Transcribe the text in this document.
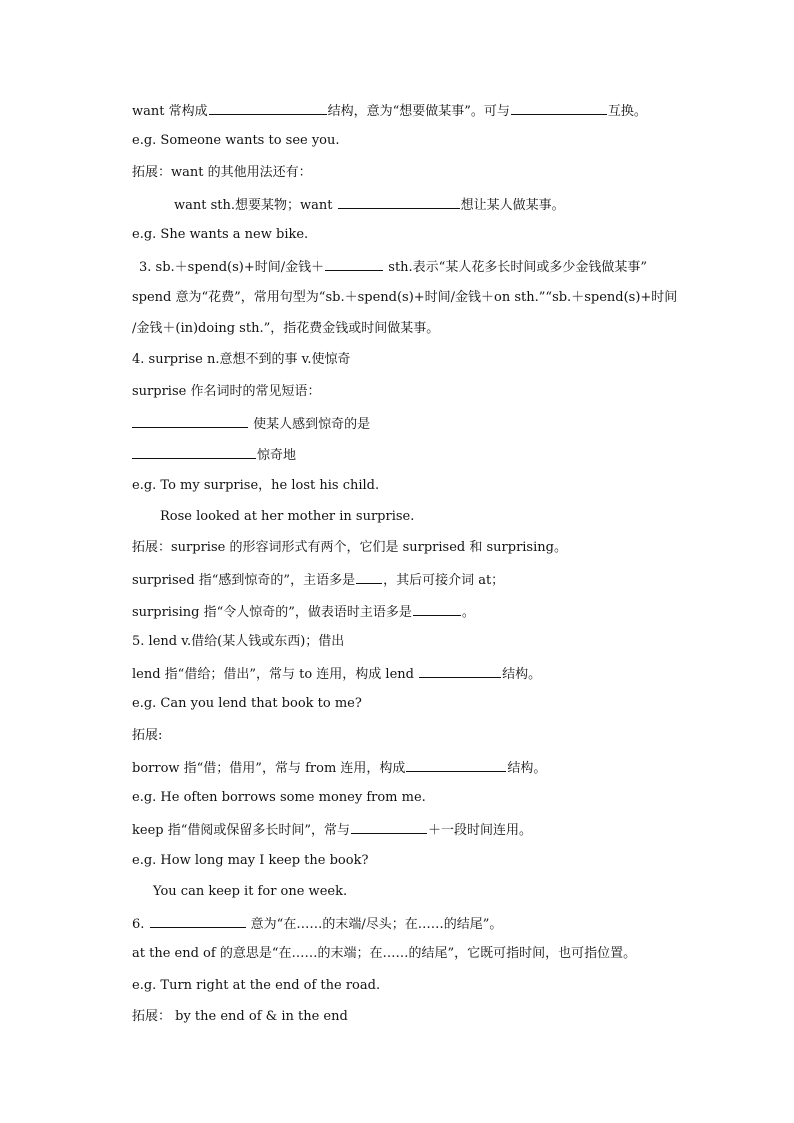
want 常构成	结构，意为“想要做某事”。可与	互换。
e.g. Someone wants to see you.
拓展：want 的其他用法还有：
want sth.想要某物；want	想让某人做某事。
e.g. She wants a new bike.
3. sb.＋spend(s)+时间/金钱＋	sth.表示“某人花多长时间或多少金钱做某事”
spend 意为“花费”，常用句型为“sb.＋spend(s)+时间/金钱＋on sth.”“sb.＋spend(s)+时间
/金钱＋(in)doing sth.”，指花费金钱或时间做某事。
4. surprise n.意想不到的事 v.使惊奇
surprise 作名词时的常见短语：
使某人感到惊奇的是
惊奇地
e.g. To my surprise，he lost his child.
Rose looked at her mother in surprise.
拓展：surprise 的形容词形式有两个，它们是 surprised 和 surprising。
surprised 指“感到惊奇的”，主语多是 ，其后可接介词 at；
surprising 指“令人惊奇的”，做表语时主语多是	。
5. lend v.借给(某人钱或东西)；借出
lend 指“借给；借出”，常与 to 连用，构成 lend	结构。
e.g. Can you lend that book to me?
拓展:
borrow 指“借；借用”，常与 from 连用，构成	结构。
e.g. He often borrows some money from me.
keep 指“借阅或保留多长时间”，常与	＋一段时间连用。
e.g. How long may I keep the book?
You can keep it for one week.
6.	意为“在……的末端/尽头；在……的结尾”。
at the end of 的意思是“在……的末端；在……的结尾”，它既可指时间，也可指位置。
e.g. Turn right at the end of the road.
拓展： by the end of & in the end
